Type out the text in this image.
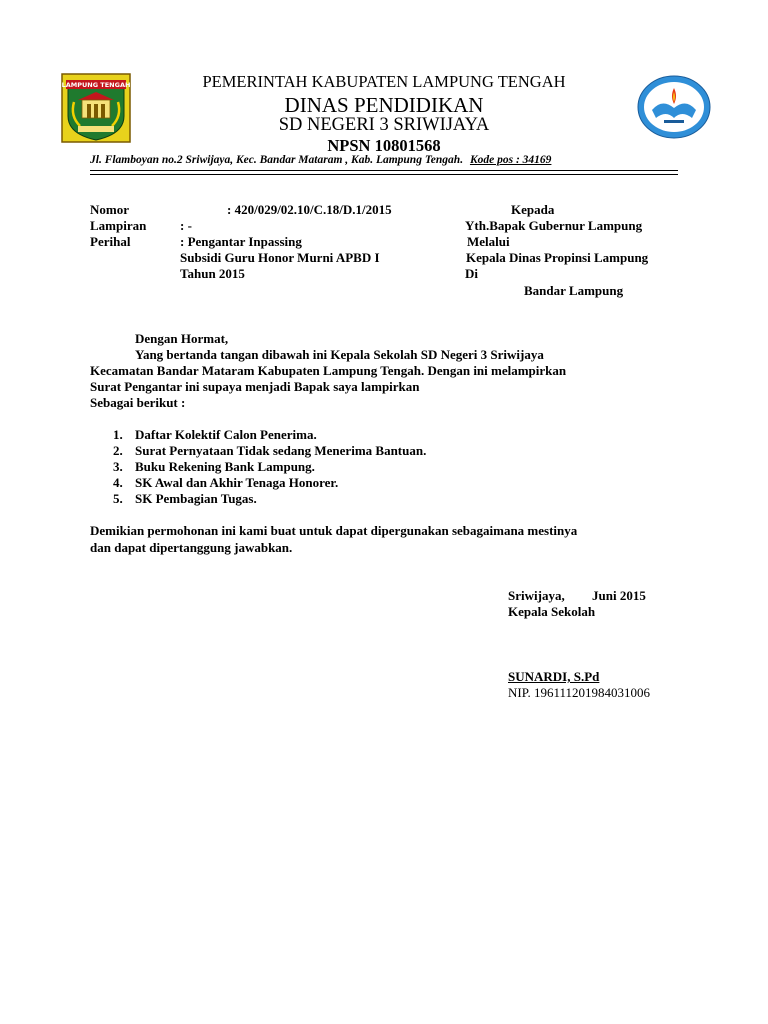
LAMPUNG TENGAH	PEMERINTAH KABUPATEN LAMPUNG TENGAH
DINAS PENDIDIKAN
SD NEGERI 3 SRIWIJAYA
NPSN 10801568
Jl. Flamboyan no.2 Sriwijaya, Kec. Bandar Mataram , Kab. Lampung Tengah. Kode pos : 34169
Nomor	: 420/029/02.10/C.18/D.1/2015
Lampiran	: -
Perihal	: Pengantar Inpassing
Subsidi Guru Honor Murni APBD I
Tahun 2015
Kepada
Yth.Bapak Gubernur Lampung
Melalui
Kepala Dinas Propinsi Lampung
Di
Bandar Lampung
Dengan Hormat,
Yang bertanda tangan dibawah ini Kepala Sekolah SD Negeri 3 Sriwijaya
Kecamatan Bandar Mataram Kabupaten Lampung Tengah. Dengan ini melampirkan
Surat Pengantar ini supaya menjadi Bapak saya lampirkan
Sebagai berikut :
1. Daftar Kolektif Calon Penerima.
2. Surat Pernyataan Tidak sedang Menerima Bantuan.
3. Buku Rekening Bank Lampung.
4. SK Awal dan Akhir Tenaga Honorer.
5. SK Pembagian Tugas.
Demikian permohonan ini kami buat untuk dapat dipergunakan sebagaimana mestinya
dan dapat dipertanggung jawabkan.
Sriwijaya, Juni 2015
Kepala Sekolah
SUNARDI, S.Pd
NIP. 196111201984031006
